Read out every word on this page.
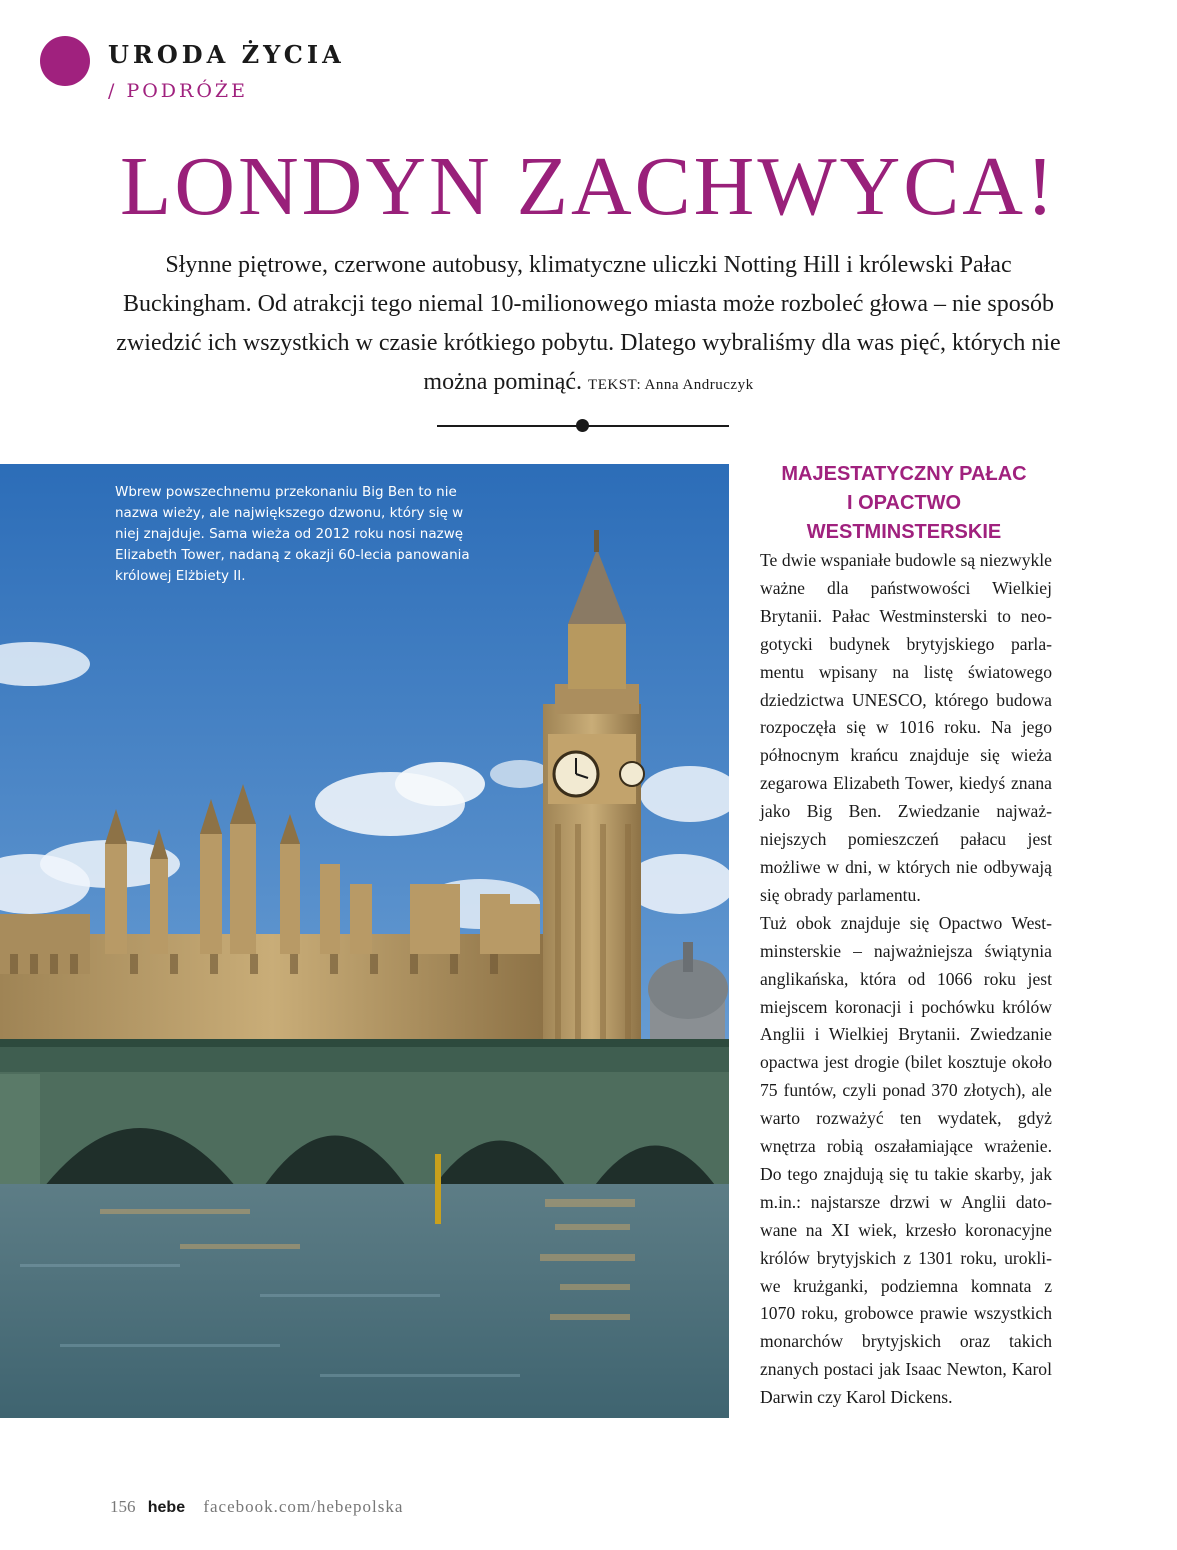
URODA ŻYCIA
/ PODRÓŻE
LONDYN ZACHWYCA!
Słynne piętrowe, czerwone autobusy, klimatyczne uliczki Notting Hill i królewski Pałac Buckingham. Od atrakcji tego niemal 10-milionowego miasta może rozboleć głowa – nie sposób zwiedzić ich wszystkich w czasie krótkiego pobytu. Dlatego wybraliśmy dla was pięć, których nie można pominąć. TEKST: Anna Andruczyk
Wbrew powszechnemu przekonaniu Big Ben to nie nazwa wieży, ale największego dzwonu, który się w niej znajduje. Sama wieża od 2012 roku nosi nazwę Elizabeth Tower, nadaną z okazji 60-lecia panowania królowej Elżbiety II.
MAJESTATYCZNY PAŁAC
I OPACTWO
WESTMINSTERSKIE

Te dwie wspaniałe budowle są niezwykle ważne dla państwowości Wielkiej Brytanii. Pałac Westminsterski to neogotycki budynek brytyjskiego parlamentu wpisany na listę światowego dziedzictwa UNESCO, którego budowa rozpoczęła się w 1016 roku. Na jego północnym krańcu znajduje się wieża zegarowa Elizabeth Tower, kiedyś znana jako Big Ben. Zwiedzanie najważniejszych pomieszczeń pałacu jest możliwe w dni, w których nie odbywają się obrady parlamentu.

Tuż obok znajduje się Opactwo Westminsterskie – najważniejsza świątynia anglikańska, która od 1066 roku jest miejscem koronacji i pochówku królów Anglii i Wielkiej Brytanii. Zwiedzanie opactwa jest drogie (bilet kosztuje około 75 funtów, czyli ponad 370 złotych), ale warto rozważyć ten wydatek, gdyż wnętrza robią oszałamiające wrażenie. Do tego znajdują się tu takie skarby, jak m.in.: najstarsze drzwi w Anglii datowane na XI wiek, krzesło koronacyjne królów brytyjskich z 1301 roku, urokliwe krużganki, podziemna komnata z 1070 roku, grobowce prawie wszystkich monarchów brytyjskich oraz takich znanych postaci jak Isaac Newton, Karol Darwin czy Karol Dickens.

156 hebe facebook.com/hebepolska
